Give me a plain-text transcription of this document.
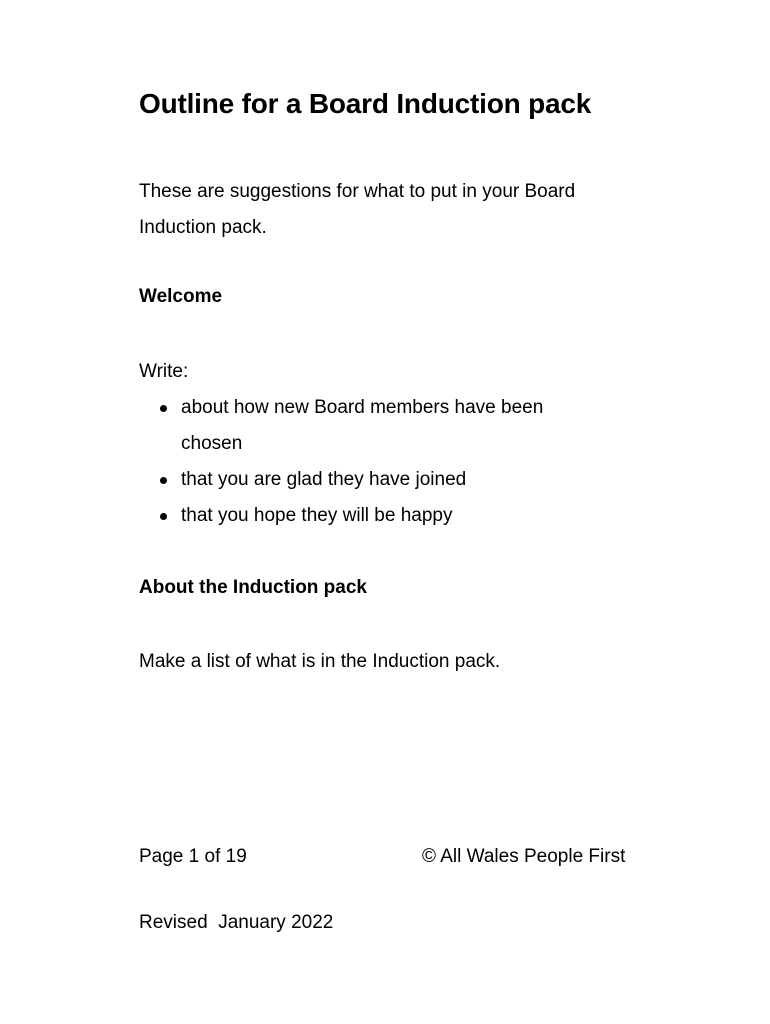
Outline for a Board Induction pack

These are suggestions for what to put in your Board Induction pack.

Welcome

Write:

about how new Board members have been chosen
that you are glad they have joined
that you hope they will be happy
About the Induction pack

Make a list of what is in the Induction pack.

Page 1 of 19	© All Wales People First

Revised  January 2022
